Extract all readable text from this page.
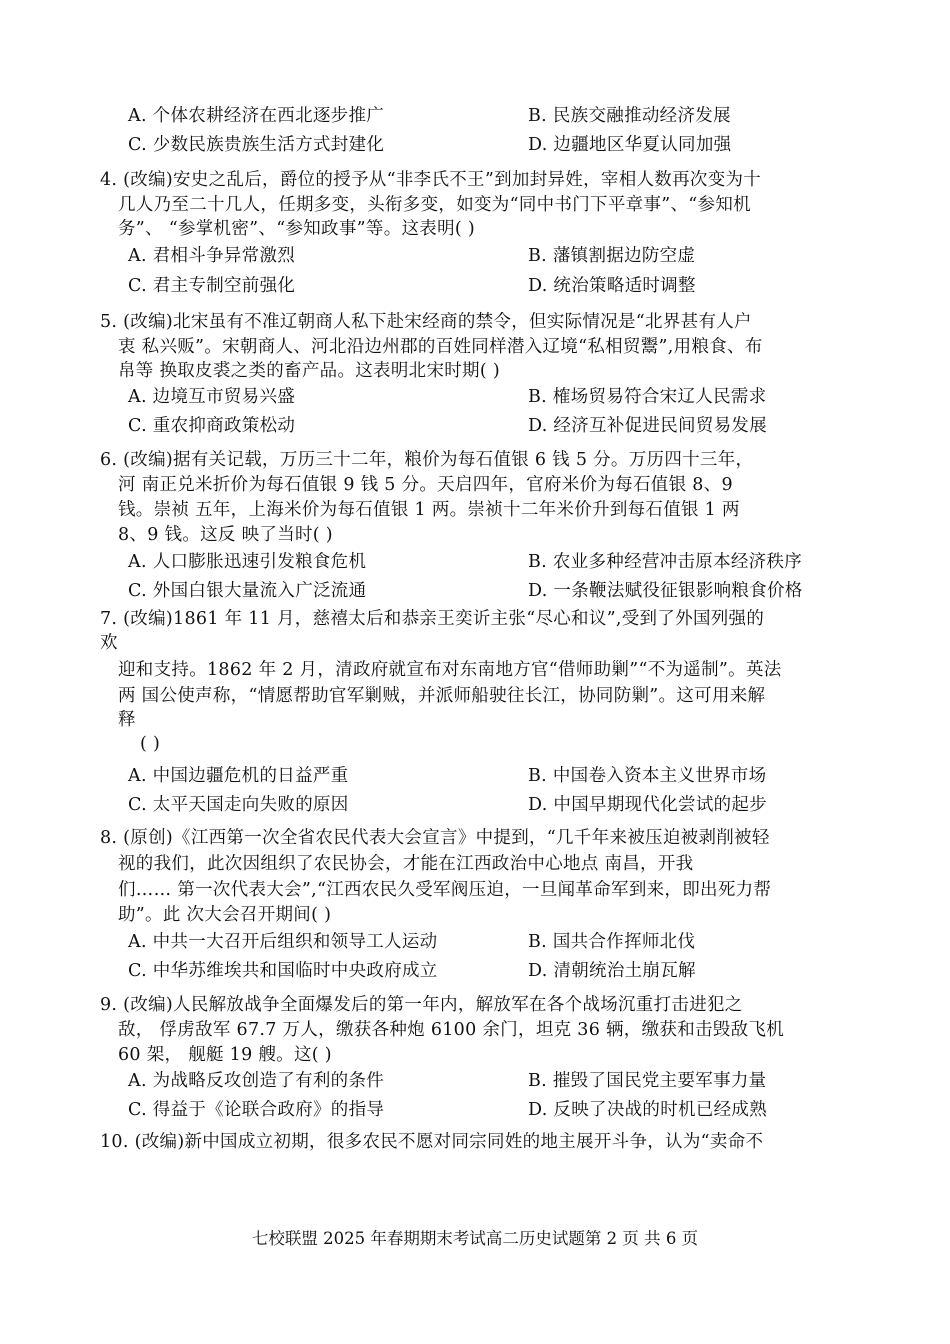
A. 个体农耕经济在西北逐步推广	B. 民族交融推动经济发展
C. 少数民族贵族生活方式封建化	D. 边疆地区华夏认同加强
4. (改编)安史之乱后，爵位的授予从“非李氏不王”到加封异姓，宰相人数再次变为十
几人乃至二十几人，任期多变，头衔多变，如变为“同中书门下平章事”、“参知机
务”、 “参掌机密”、“参知政事”等。这表明( )
A. 君相斗争异常激烈	B. 藩镇割据边防空虚
C. 君主专制空前强化	D. 统治策略适时调整
5. (改编)北宋虽有不准辽朝商人私下赴宋经商的禁令，但实际情况是“北界甚有人户
衷 私兴贩”。宋朝商人、河北沿边州郡的百姓同样潜入辽境“私相贸鬻”,用粮食、布
帛等 换取皮裘之类的畜产品。这表明北宋时期( )
A. 边境互市贸易兴盛	B. 榷场贸易符合宋辽人民需求
C. 重农抑商政策松动	D. 经济互补促进民间贸易发展
6. (改编)据有关记载，万历三十二年，粮价为每石值银 6 钱 5 分。万历四十三年，
河 南正兑米折价为每石值银 9 钱 5 分。天启四年，官府米价为每石值银 8、9
钱。崇祯 五年，上海米价为每石值银 1 两。崇祯十二年米价升到每石值银 1 两
8、9 钱。这反 映了当时( )
A. 人口膨胀迅速引发粮食危机	B. 农业多种经营冲击原本经济秩序
C. 外国白银大量流入广泛流通	D. 一条鞭法赋役征银影响粮食价格
7. (改编)1861 年 11 月，慈禧太后和恭亲王奕䜣主张“尽心和议”,受到了外国列强的
欢
迎和支持。1862 年 2 月，清政府就宣布对东南地方官“借师助剿”“不为遥制”。英法
两 国公使声称，“情愿帮助官军剿贼，并派师船驶往长江，协同防剿”。这可用来解
释
( )
A. 中国边疆危机的日益严重	B. 中国卷入资本主义世界市场
C. 太平天国走向失败的原因	D. 中国早期现代化尝试的起步
8. (原创)《江西第一次全省农民代表大会宣言》中提到，“几千年来被压迫被剥削被轻
视的我们，此次因组织了农民协会，才能在江西政治中心地点 南昌，开我
们…… 第一次代表大会”,“江西农民久受军阀压迫，一旦闻革命军到来，即出死力帮
助”。此 次大会召开期间( )
A. 中共一大召开后组织和领导工人运动	B. 国共合作挥师北伐
C. 中华苏维埃共和国临时中央政府成立	D. 清朝统治土崩瓦解
9. (改编)人民解放战争全面爆发后的第一年内，解放军在各个战场沉重打击进犯之
敌， 俘虏敌军 67.7 万人，缴获各种炮 6100 余门，坦克 36 辆，缴获和击毁敌飞机
60 架， 舰艇 19 艘。这( )
A. 为战略反攻创造了有利的条件	B. 摧毁了国民党主要军事力量
C. 得益于《论联合政府》的指导	D. 反映了决战的时机已经成熟
10. (改编)新中国成立初期，很多农民不愿对同宗同姓的地主展开斗争，认为“卖命不
七校联盟 2025 年春期期末考试高二历史试题第 2 页 共 6 页
